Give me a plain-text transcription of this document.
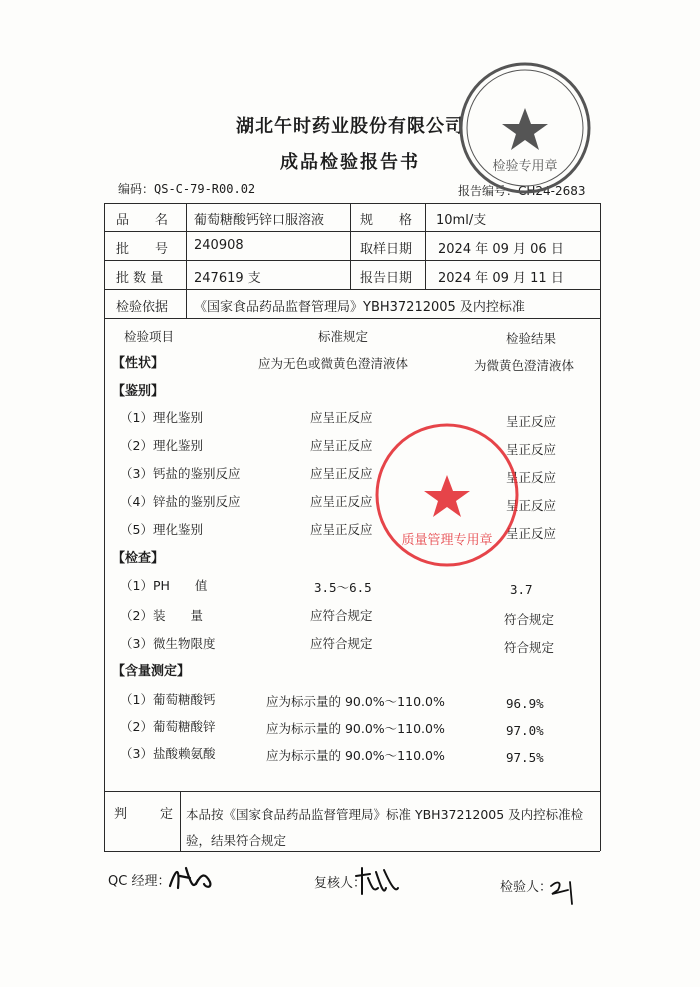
湖北午时药业股份有限公司
成品检验报告书
编码：QS-C-79-R00.02	报告编号：CH24-2683
检验专用章
品　　名	葡萄糖酸钙锌口服溶液	规　　格 10ml/支
批　　号 240908	取样日期 2024 年 09 月 06 日
批 数 量 247619 支	报告日期 2024 年 09 月 11 日
检验依据 《国家食品药品监督管理局》YBH37212005 及内控标准
检验项目	标准规定	检验结果
【性状】	应为无色或微黄色澄清液体	为微黄色澄清液体
【鉴别】
（1）理化鉴别	应呈正反应	呈正反应
（2）理化鉴别	应呈正反应	呈正反应
（3）钙盐的鉴别反应	应呈正反应	呈正反应
（4）锌盐的鉴别反应	应呈正反应	呈正反应
（5）理化鉴别	应呈正反应	呈正反应
【检查】
（1）PH　　值	3.5～6.5	3.7
（2）装　　量	应符合规定	符合规定
（3）微生物限度	应符合规定	符合规定
【含量测定】
（1）葡萄糖酸钙	应为标示量的 90.0%～110.0%	96.9%
（2）葡萄糖酸锌	应为标示量的 90.0%～110.0%	97.0%
（3）盐酸赖氨酸	应为标示量的 90.0%～110.0%	97.5%
质量管理专用章
判	定 本品按《国家食品药品监督管理局》标准 YBH37212005 及内控标准检
验，结果符合规定
QC 经理：	复核人：	检验人：
